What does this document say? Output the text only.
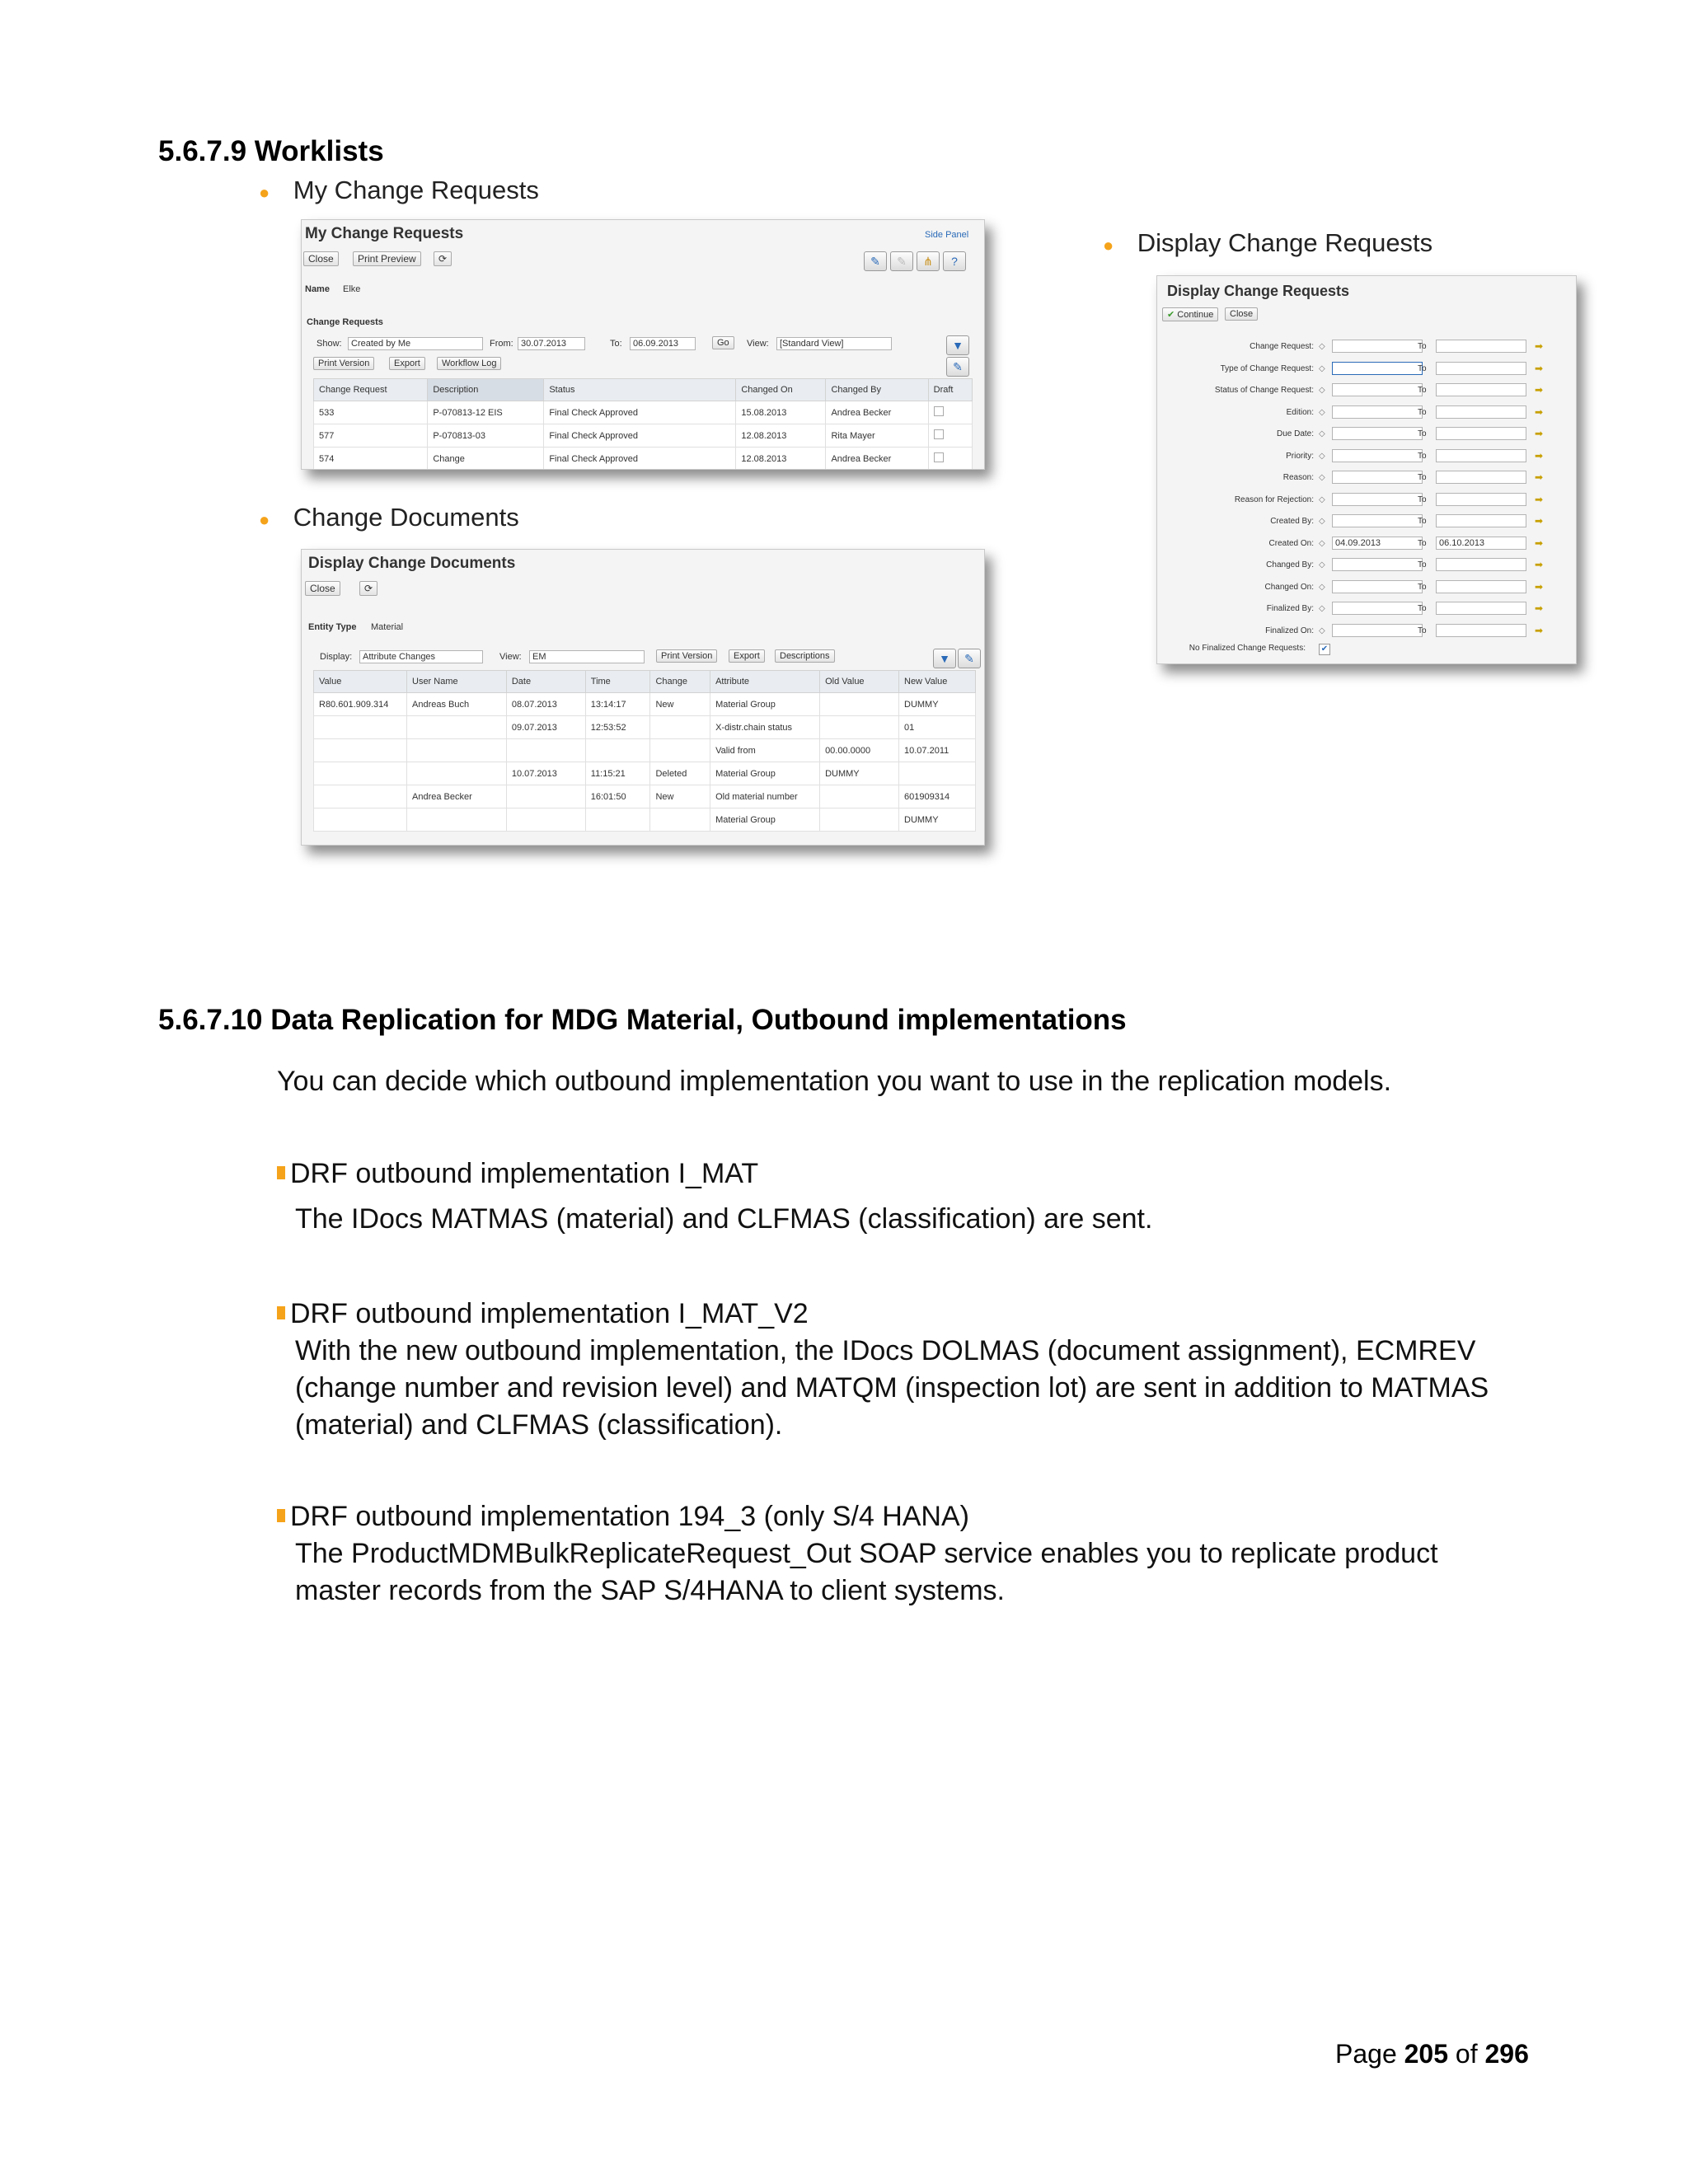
5.6.7.9 Worklists
● My Change Requests
● Change Documents
● Display Change Requests
My Change Requests	Side Panel
Close	Print Preview	⟳	✎	✎	⋔	?
Name Elke
Change Requests
Show:	Created by Me	From: 30.07.2013	To:	06.09.2013	Go	View:	[Standard View]	▼
Print Version	Export	Workflow Log	✎
Change Request	Description	Status	Changed On	Changed By	Draft
533	P-070813-12 EIS	Final Check Approved	15.08.2013	Andrea Becker	
577	P-070813-03	Final Check Approved	12.08.2013	Rita Mayer	
574	Change	Final Check Approved	12.08.2013	Andrea Becker	
Display Change Documents
Close	⟳
Entity Type Material
Display:	Attribute Changes	View:	EM	Print Version	Export	Descriptions	▼	✎
Value	User Name	Date	Time	Change	Attribute	Old Value	New Value
R80.601.909.314	Andreas Buch	08.07.2013	13:14:17	New	Material Group		DUMMY
		09.07.2013	12:53:52		X-distr.chain status		01
					Valid from	00.00.0000	10.07.2011
		10.07.2013	11:15:21	Deleted	Material Group	DUMMY	
	Andrea Becker		16:01:50	New	Old material number		601909314
					Material Group		DUMMY
Display Change Requests
✔ Continue	Close
Change Request: ◇	To	➡
Type of Change Request: ◇	To	➡
Status of Change Request: ◇	To	➡
Edition: ◇	To	➡
Due Date: ◇	To	➡
Priority: ◇	To	➡
Reason: ◇	To	➡
Reason for Rejection: ◇	To	➡
Created By: ◇	To	➡
Created On: ◇	04.09.2013	To	06.10.2013	➡
Changed By: ◇	To	➡
Changed On: ◇	To	➡
Finalized By: ◇	To	➡
Finalized On: ◇	To	➡
No Finalized Change Requests: ✔
5.6.7.10 Data Replication for MDG Material, Outbound implementations
You can decide which outbound implementation you want to use in the replication models.
DRF outbound implementation I_MAT
The IDocs MATMAS (material) and CLFMAS (classification) are sent.
DRF outbound implementation I_MAT_V2
With the new outbound implementation, the IDocs DOLMAS (document assignment), ECMREV
(change number and revision level) and MATQM (inspection lot) are sent in addition to MATMAS
(material) and CLFMAS (classification).
DRF outbound implementation 194_3 (only S/4 HANA)
The ProductMDMBulkReplicateRequest_Out SOAP service enables you to replicate product
master records from the SAP S/4HANA to client systems.
Page 205 of 296
